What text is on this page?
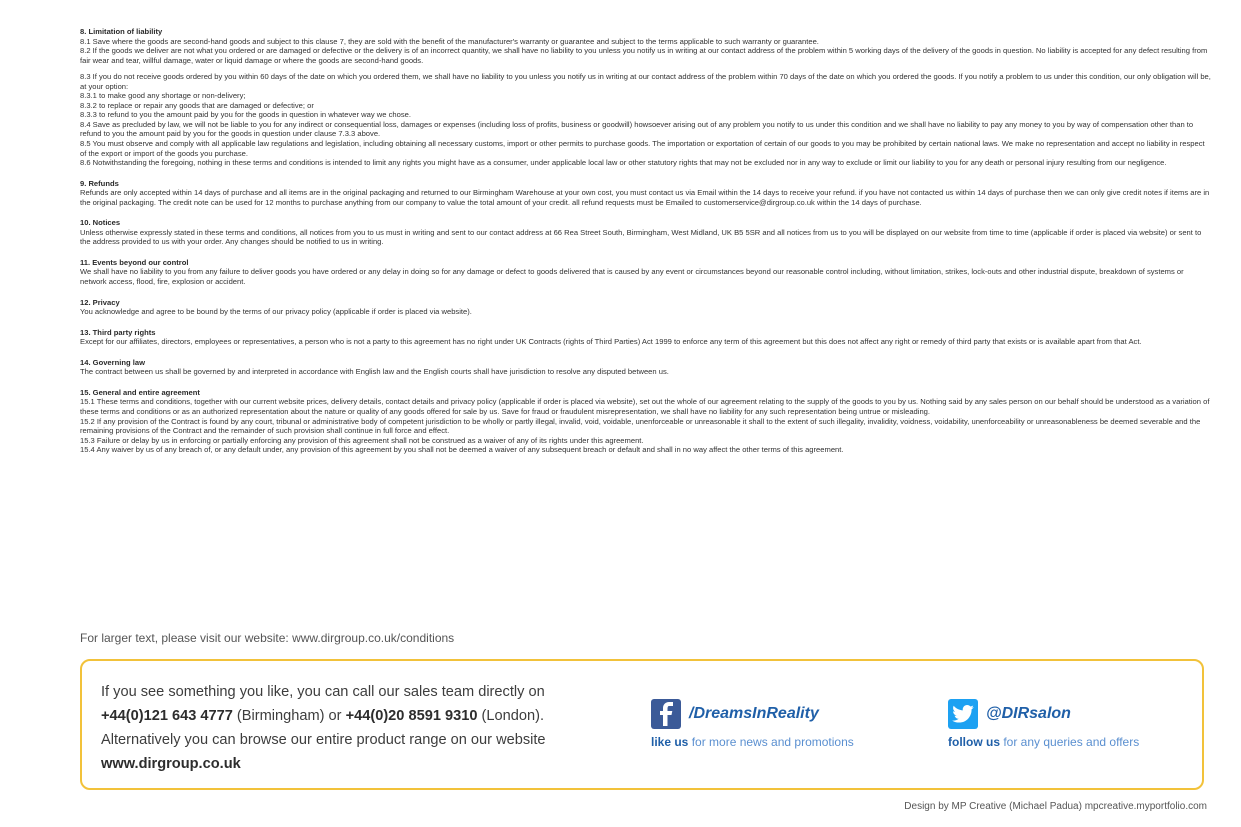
8. Limitation of liability

8.1 Save where the goods are second-hand goods and subject to this clause 7, they are sold with the benefit of the manufacturer's warranty or guarantee and subject to the terms applicable to such warranty or guarantee.

8.2 If the goods we deliver are not what you ordered or are damaged or defective or the delivery is of an incorrect quantity, we shall have no liability to you unless you notify us in writing at our contact address of the problem within 5 working days of the delivery of the goods in question. No liability is accepted for any defect resulting from fair wear and tear, willful damage, water or liquid damage or where the goods are second-hand goods.

8.3 If you do not receive goods ordered by you within 60 days of the date on which you ordered them, we shall have no liability to you unless you notify us in writing at our contact address of the problem within 70 days of the date on which you ordered the goods. If you notify a problem to us under this condition, our only obligation will be, at your option:

8.3.1 to make good any shortage or non-delivery;

8.3.2 to replace or repair any goods that are damaged or defective; or

8.3.3 to refund to you the amount paid by you for the goods in question in whatever way we chose.

8.4 Save as precluded by law, we will not be liable to you for any indirect or consequential loss, damages or expenses (including loss of profits, business or goodwill) howsoever arising out of any problem you notify to us under this condition and we shall have no liability to pay any money to you by way of compensation other than to refund to you the amount paid by you for the goods in question under clause 7.3.3 above.

8.5 You must observe and comply with all applicable law regulations and legislation, including obtaining all necessary customs, import or other permits to purchase goods. The importation or exportation of certain of our goods to you may be prohibited by certain national laws. We make no representation and accept no liability in respect of the export or import of the goods you purchase.

8.6 Notwithstanding the foregoing, nothing in these terms and conditions is intended to limit any rights you might have as a consumer, under applicable local law or other statutory rights that may not be excluded nor in any way to exclude or limit our liability to you for any death or personal injury resulting from our negligence.

9. Refunds

Refunds are only accepted within 14 days of purchase and all items are in the original packaging and returned to our Birmingham Warehouse at your own cost, you must contact us via Email within the 14 days to receive your refund. if you have not contacted us within 14 days of purchase then we can only give credit notes if items are in the original packaging. The credit note can be used for 12 months to purchase anything from our company to value the total amount of your credit. all refund requests must be Emailed to customerservice@dirgroup.co.uk within the 14 days of purchase.

10. Notices

Unless otherwise expressly stated in these terms and conditions, all notices from you to us must in writing and sent to our contact address at 66 Rea Street South, Birmingham, West Midland, UK B5 5SR and all notices from us to you will be displayed on our website from time to time (applicable if order is placed via website) or sent to the address provided to us with your order. Any changes should be notified to us in writing.

11. Events beyond our control

We shall have no liability to you from any failure to deliver goods you have ordered or any delay in doing so for any damage or defect to goods delivered that is caused by any event or circumstances beyond our reasonable control including, without limitation, strikes, lock-outs and other industrial dispute, breakdown of systems or network access, flood, fire, explosion or accident.

12. Privacy

You acknowledge and agree to be bound by the terms of our privacy policy (applicable if order is placed via website).

13. Third party rights

Except for our affiliates, directors, employees or representatives, a person who is not a party to this agreement has no right under UK Contracts (rights of Third Parties) Act 1999 to enforce any term of this agreement but this does not affect any right or remedy of third party that exists or is available apart from that Act.

14. Governing law

The contract between us shall be governed by and interpreted in accordance with English law and the English courts shall have jurisdiction to resolve any disputed between us.

15. General and entire agreement

15.1 These terms and conditions, together with our current website prices, delivery details, contact details and privacy policy (applicable if order is placed via website), set out the whole of our agreement relating to the supply of the goods to you by us. Nothing said by any sales person on our behalf should be understood as a variation of these terms and conditions or as an authorized representation about the nature or quality of any goods offered for sale by us. Save for fraud or fraudulent misrepresentation, we shall have no liability for any such representation being untrue or misleading.

15.2 If any provision of the Contract is found by any court, tribunal or administrative body of competent jurisdiction to be wholly or partly illegal, invalid, void, voidable, unenforceable or unreasonable it shall to the extent of such illegality, invalidity, voidness, voidability, unenforceability or unreasonableness be deemed severable and the remaining provisions of the Contract and the remainder of such provision shall continue in full force and effect.

15.3 Failure or delay by us in enforcing or partially enforcing any provision of this agreement shall not be construed as a waiver of any of its rights under this agreement.

15.4 Any waiver by us of any breach of, or any default under, any provision of this agreement by you shall not be deemed a waiver of any subsequent breach or default and shall in no way affect the other terms of this agreement.

For larger text, please visit our website: www.dirgroup.co.uk/conditions
If you see something you like, you can call our sales team directly on
+44(0)121 643 4777 (Birmingham) or +44(0)20 8591 9310 (London).
Alternatively you can browse our entire product range on our website
www.dirgroup.co.uk
/DreamsInReality
like us for more news and promotions
@DIRsalon
follow us for any queries and offers
Design by MP Creative (Michael Padua) mpcreative.myportfolio.com
